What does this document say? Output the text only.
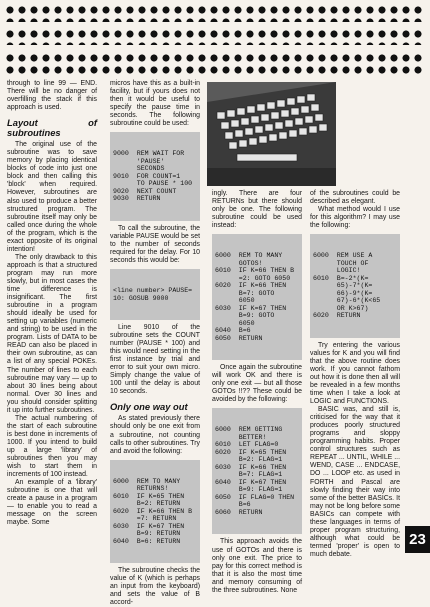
through to line 99 — END. There will be no danger of overfilling the stack if this approach is used.

Layout of subroutines

The original use of the subroutine was to save memory by placing identical blocks of code into just one block and then calling this 'block' when required. However, subroutines are also used to produce a better structured program. The subroutine itself may only be called once during the whole of the program, which is the exact opposite of its original intention!

The only drawback to this approach is that a structured program may run more slowly, but in most cases the time difference is insignificant. The first subroutine in a program should ideally be used for setting up variables (numeric and string) to be used in the program. Lists of DATA to be READ can also be placed in their own subroutine, as can a list of any special POKEs. The number of lines to each subroutine may vary — up to about 30 lines being about normal. Over 30 lines and you should consider splitting it up into further subroutines.

The actual numbering of the start of each subroutine is best done in increments of 1000. If you intend to build up a large 'library' of subroutines then you may wish to start them in increments of 100 instead.

An example of a 'library' subroutine is one that will create a pause in a program — to enable you to read a message on the screen maybe. Some

micros have this as a built-in facility, but if yours does not then it would be useful to specify the pause time in seconds. The following subroutine could be used:

9000  REM WAIT FOR
'PAUSE'
SECONDS
9010  FOR COUNT=1
TO PAUSE * 100
9020  NEXT COUNT
9030  RETURN

To call the subroutine, the variable PAUSE would be set to the number of seconds required for the delay. For 10 seconds this would be:

<line number> PAUSE=
10: GOSUB 9000

Line 9010 of the subroutine sets the COUNT number (PAUSE * 100) and this would need setting in the first instance by trial and error to suit your own micro. Simply change the value of 100 until the delay is about 10 seconds.

Only one way out

As stated previously there should only be one exit from a subroutine, not counting calls to other subroutines. Try and avoid the following:

6000  REM TO MANY
RETURNS!
6010  IF K=65 THEN
B=2: RETURN
6020  IF K=66 THEN B
=7: RETURN
6030  IF K=67 THEN
B=9: RETURN
6040  B=6: RETURN

The subroutine checks the value of K (which is perhaps an input from the keyboard) and sets the value of B accord-

ingly. There are four RETURNs but there should only be one. The following subroutine could be used instead:

6000  REM TO MANY
GOTOS!
6010  IF K=66 THEN B
=2: GOTO 6050
6020  IF K=66 THEN
B=7: GOTO
6050
6030  IF K=67 THEN
B=9: GOTO
6050
6040  B=6
6050  RETURN

Once again the subroutine will work OK and there is only one exit — but all those GOTOs !!?? These could be avoided by the following:

6000  REM GETTING
BETTER!
6010  LET FLAG=0
6020  IF K=65 THEN
B=2: FLAG=1
6030  IF K=66 THEN
B=7: FLAG=1
6040  IF K=67 THEN
B=9: FLAG=1
6050  IF FLAG=0 THEN
B=6
6060  RETURN

This approach avoids the use of GOTOs and there is only one exit. The price to pay for this correct method is that it is also the most time and memory consuming of the three subroutines. None

of the subroutines could be described as elegant.

What method would I use for this algorithm? I may use the following:

6000  REM USE A
TOUCH OF
LOGIC!
6010  B=-2*(K=
65)-7*(K=
66)-9*(K=
67)-6*(K<65
OR K>67)
6020  RETURN

Try entering the various values for K and you will find that the above routine does work. If you cannot fathom out how it is done then all will be revealed in a few months time when I take a look at LOGIC and FUNCTIONS.

BASIC was, and still is, criticised for the way that it produces poorly structured programs and sloppy programming habits. Proper control structures such as REPEAT ... UNTIL, WHILE ... WEND, CASE ... ENDCASE, DO ... LOOP etc. as used in FORTH and Pascal are slowly finding their way into some of the better BASICs. It may not be long before some BASICs can compete with these languages in terms of proper program structuring, although what could be termed 'proper' is open to much debate.

23
